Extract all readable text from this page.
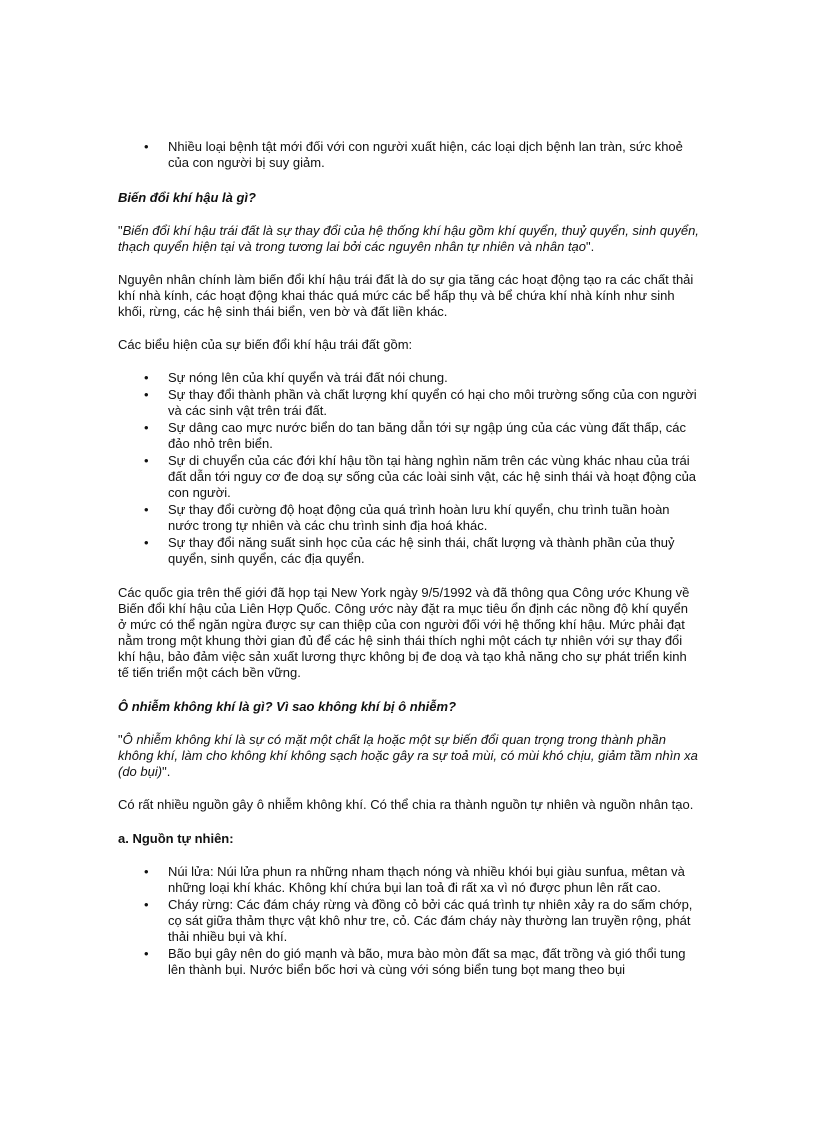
• Nhiều loại bệnh tật mới đối với con người xuất hiện, các loại dịch bệnh lan tràn, sức khoẻ của con người bị suy giảm.

Biến đổi khí hậu là gì?

"Biến đổi khí hậu trái đất là sự thay đổi của hệ thống khí hậu gồm khí quyển, thuỷ quyển, sinh quyển, thạch quyển hiện tại và trong tương lai bởi các nguyên nhân tự nhiên và nhân tạo".

Nguyên nhân chính làm biến đổi khí hậu trái đất là do sự gia tăng các hoạt động tạo ra các chất thải khí nhà kính, các hoạt động khai thác quá mức các bể hấp thụ và bể chứa khí nhà kính như sinh khối, rừng, các hệ sinh thái biển, ven bờ và đất liền khác.

Các biểu hiện của sự biến đổi khí hậu trái đất gồm:

• Sự nóng lên của khí quyển và trái đất nói chung.
• Sự thay đổi thành phần và chất lượng khí quyển có hại cho môi trường sống của con người và các sinh vật trên trái đất.
• Sự dâng cao mực nước biển do tan băng dẫn tới sự ngập úng của các vùng đất thấp, các đảo nhỏ trên biển.
• Sự di chuyển của các đới khí hậu tồn tại hàng nghìn năm trên các vùng khác nhau của trái đất dẫn tới nguy cơ đe doạ sự sống của các loài sinh vật, các hệ sinh thái và hoạt động của con người.
• Sự thay đổi cường độ hoạt động của quá trình hoàn lưu khí quyển, chu trình tuần hoàn nước trong tự nhiên và các chu trình sinh địa hoá khác.
• Sự thay đổi năng suất sinh học của các hệ sinh thái, chất lượng và thành phần của thuỷ quyển, sinh quyển, các địa quyển.

Các quốc gia trên thế giới đã họp tại New York ngày 9/5/1992 và đã thông qua Công ước Khung về Biến đổi khí hậu của Liên Hợp Quốc. Công ước này đặt ra mục tiêu ổn định các nồng độ khí quyển ở mức có thể ngăn ngừa được sự can thiệp của con người đối với hệ thống khí hậu. Mức phải đạt nằm trong một khung thời gian đủ để các hệ sinh thái thích nghi một cách tự nhiên với sự thay đổi khí hậu, bảo đảm việc sản xuất lương thực không bị đe doạ và tạo khả năng cho sự phát triển kinh tế tiến triển một cách bền vững.

Ô nhiễm không khí là gì? Vì sao không khí bị ô nhiễm?

"Ô nhiễm không khí là sự có mặt một chất lạ hoặc một sự biến đổi quan trọng trong thành phần không khí, làm cho không khí không sạch hoặc gây ra sự toả mùi, có mùi khó chịu, giảm tầm nhìn xa (do bụi)".

Có rất nhiều nguồn gây ô nhiễm không khí. Có thể chia ra thành nguồn tự nhiên và nguồn nhân tạo.

a. Nguồn tự nhiên:

• Núi lửa: Núi lửa phun ra những nham thạch nóng và nhiều khói bụi giàu sunfua, mêtan và những loại khí khác. Không khí chứa bụi lan toả đi rất xa vì nó được phun lên rất cao.
• Cháy rừng: Các đám cháy rừng và đồng cỏ bởi các quá trình tự nhiên xảy ra do sấm chớp, cọ sát giữa thảm thực vật khô như tre, cỏ. Các đám cháy này thường lan truyền rộng, phát thải nhiều bụi và khí.
• Bão bụi gây nên do gió mạnh và bão, mưa bào mòn đất sa mạc, đất trồng và gió thổi tung lên thành bụi. Nước biển bốc hơi và cùng với sóng biển tung bọt mang theo bụi
